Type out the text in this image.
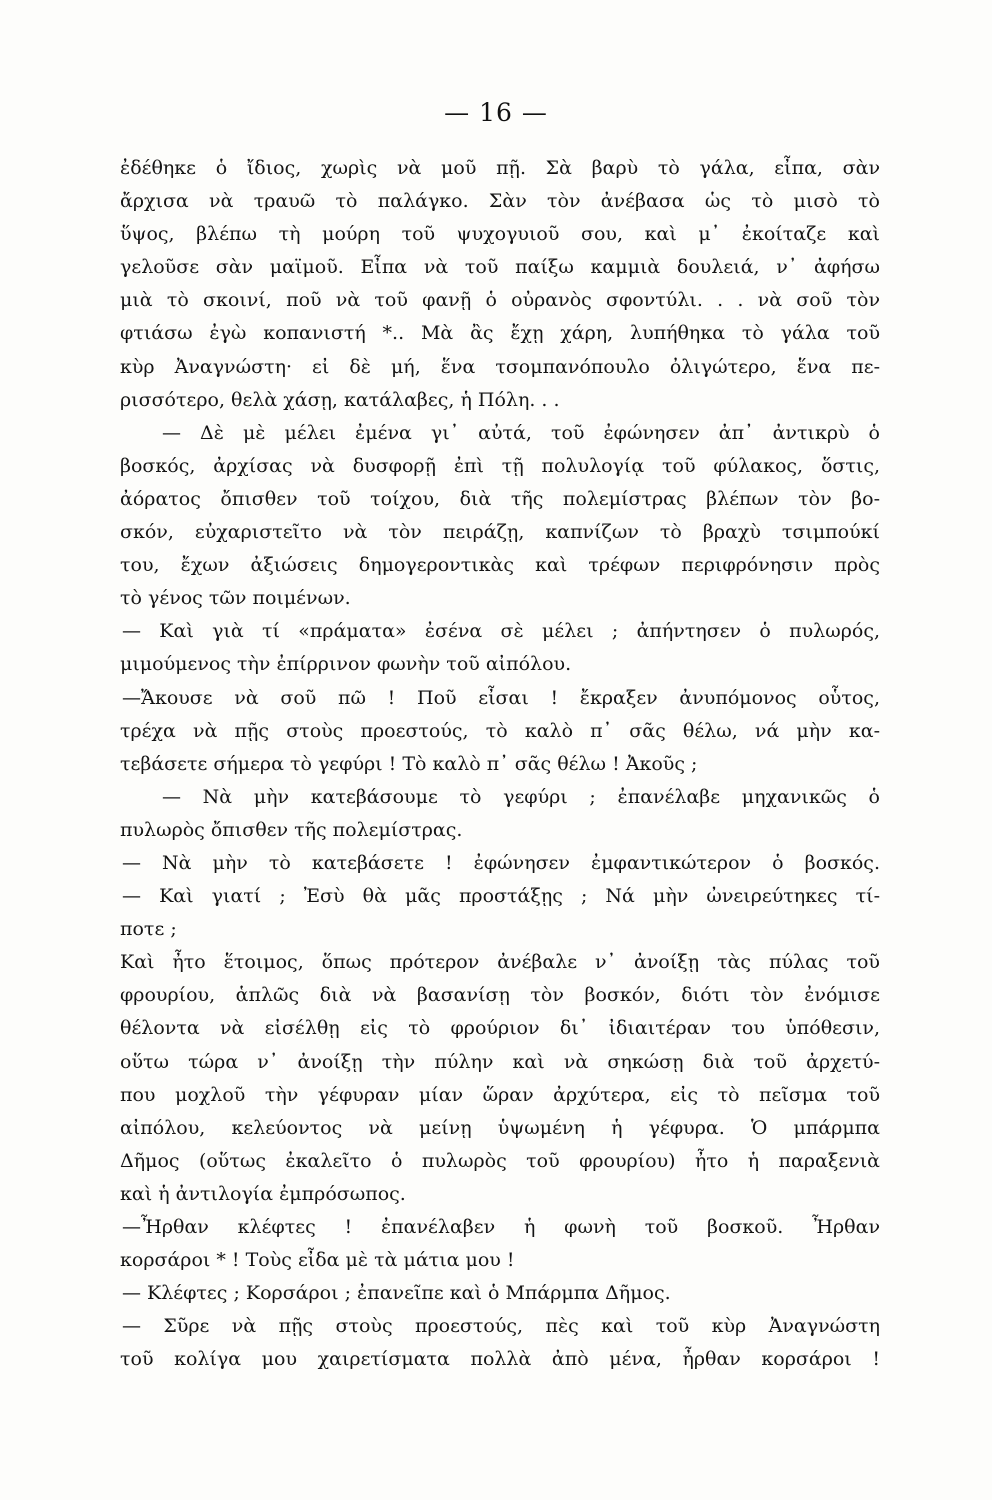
— 16 —
ἐδέθηκε ὁ ἴδιος, χωρὶς νὰ μοῦ πῇ. Σὰ βαρὺ τὸ γάλα, εἶπα, σὰν
ἄρχισα νὰ τραυῶ τὸ παλάγκο. Σὰν τὸν ἀνέβασα ὡς τὸ μισὸ τὸ
ὕψος, βλέπω τὴ μούρη τοῦ ψυχογυιοῦ σου, καὶ μ᾽ ἐκοίταζε καὶ
γελοῦσε σὰν μαϊμοῦ. Εἶπα νὰ τοῦ παίξω καμμιὰ δουλειά, ν᾽ ἀφήσω
μιὰ τὸ σκοινί, ποῦ νὰ τοῦ φανῇ ὁ οὐρανὸς σφοντύλι. . . νὰ σοῦ τὸν
φτιάσω ἐγὼ κοπανιστή *.. Μὰ ἂς ἔχῃ χάρη, λυπήθηκα τὸ γάλα τοῦ
κὺρ Ἀναγνώστη· εἰ δὲ μή, ἕνα τσομπανόπουλο ὀλιγώτερο, ἕνα πε-
ρισσότερο, θελὰ χάσῃ, κατάλαβες, ἡ Πόλη. . .
— Δὲ μὲ μέλει ἐμένα γι᾽ αὐτά, τοῦ ἐφώνησεν ἀπ᾽ ἀντικρὺ ὁ
βοσκός, ἀρχίσας νὰ δυσφορῇ ἐπὶ τῇ πολυλογίᾳ τοῦ φύλακος, ὅστις,
ἀόρατος ὄπισθεν τοῦ τοίχου, διὰ τῆς πολεμίστρας βλέπων τὸν βο-
σκόν, εὐχαριστεῖτο νὰ τὸν πειράζῃ, καπνίζων τὸ βραχὺ τσιμπούκί
του, ἔχων ἀξιώσεις δημογεροντικὰς καὶ τρέφων περιφρόνησιν πρὸς
τὸ γένος τῶν ποιμένων.
— Καὶ γιὰ τί «πράματα» ἐσένα σὲ μέλει ; ἀπήντησεν ὁ πυλωρός,
μιμούμενος τὴν ἐπίρρινον φωνὴν τοῦ αἰπόλου.
—Ἄκουσε νὰ σοῦ πῶ ! Ποῦ εἶσαι ! ἔκραξεν ἀνυπόμονος οὗτος,
τρέχα νὰ πῇς στοὺς προεστούς, τὸ καλὸ π᾽ σᾶς θέλω, νά μὴν κα-
τεβάσετε σήμερα τὸ γεφύρι ! Τὸ καλὸ π᾽ σᾶς θέλω ! Ἀκοῦς ;
— Νὰ μὴν κατεβάσουμε τὸ γεφύρι ; ἐπανέλαβε μηχανικῶς ὁ
πυλωρὸς ὄπισθεν τῆς πολεμίστρας.
— Νὰ μὴν τὸ κατεβάσετε ! ἐφώνησεν ἐμφαντικώτερον ὁ βοσκός.
— Καὶ γιατί ; Ἐσὺ θὰ μᾶς προστάξῃς ; Νά μὴν ὠνειρεύτηκες τί-
ποτε ;
Καὶ ἦτο ἕτοιμος, ὅπως πρότερον ἀνέβαλε ν᾽ ἀνοίξῃ τὰς πύλας τοῦ
φρουρίου, ἁπλῶς διὰ νὰ βασανίσῃ τὸν βοσκόν, διότι τὸν ἐνόμισε
θέλοντα νὰ εἰσέλθῃ εἰς τὸ φρούριον δι᾽ ἰδιαιτέραν του ὑπόθεσιν,
οὕτω τώρα ν᾽ ἀνοίξῃ τὴν πύλην καὶ νὰ σηκώσῃ διὰ τοῦ ἀρχετύ-
που μοχλοῦ τὴν γέφυραν μίαν ὥραν ἀρχύτερα, εἰς τὸ πεῖσμα τοῦ
αἰπόλου, κελεύοντος νὰ μείνῃ ὑψωμένη ἡ γέφυρα. Ὁ μπάρμπα
Δῆμος (οὕτως ἐκαλεῖτο ὁ πυλωρὸς τοῦ φρουρίου) ἦτο ἡ παραξενιὰ
καὶ ἡ ἀντιλογία ἐμπρόσωπος.
—Ἦρθαν κλέφτες ! ἐπανέλαβεν ἡ φωνὴ τοῦ βοσκοῦ. Ἦρθαν
κορσάροι * ! Τοὺς εἶδα μὲ τὰ μάτια μου !
— Κλέφτες ; Κορσάροι ; ἐπανεῖπε καὶ ὁ Μπάρμπα Δῆμος.
— Σῦρε νὰ πῇς στοὺς προεστούς, πὲς καὶ τοῦ κὺρ Ἀναγνώστη
τοῦ κολίγα μου χαιρετίσματα πολλὰ ἀπὸ μένα, ἦρθαν κορσάροι !
